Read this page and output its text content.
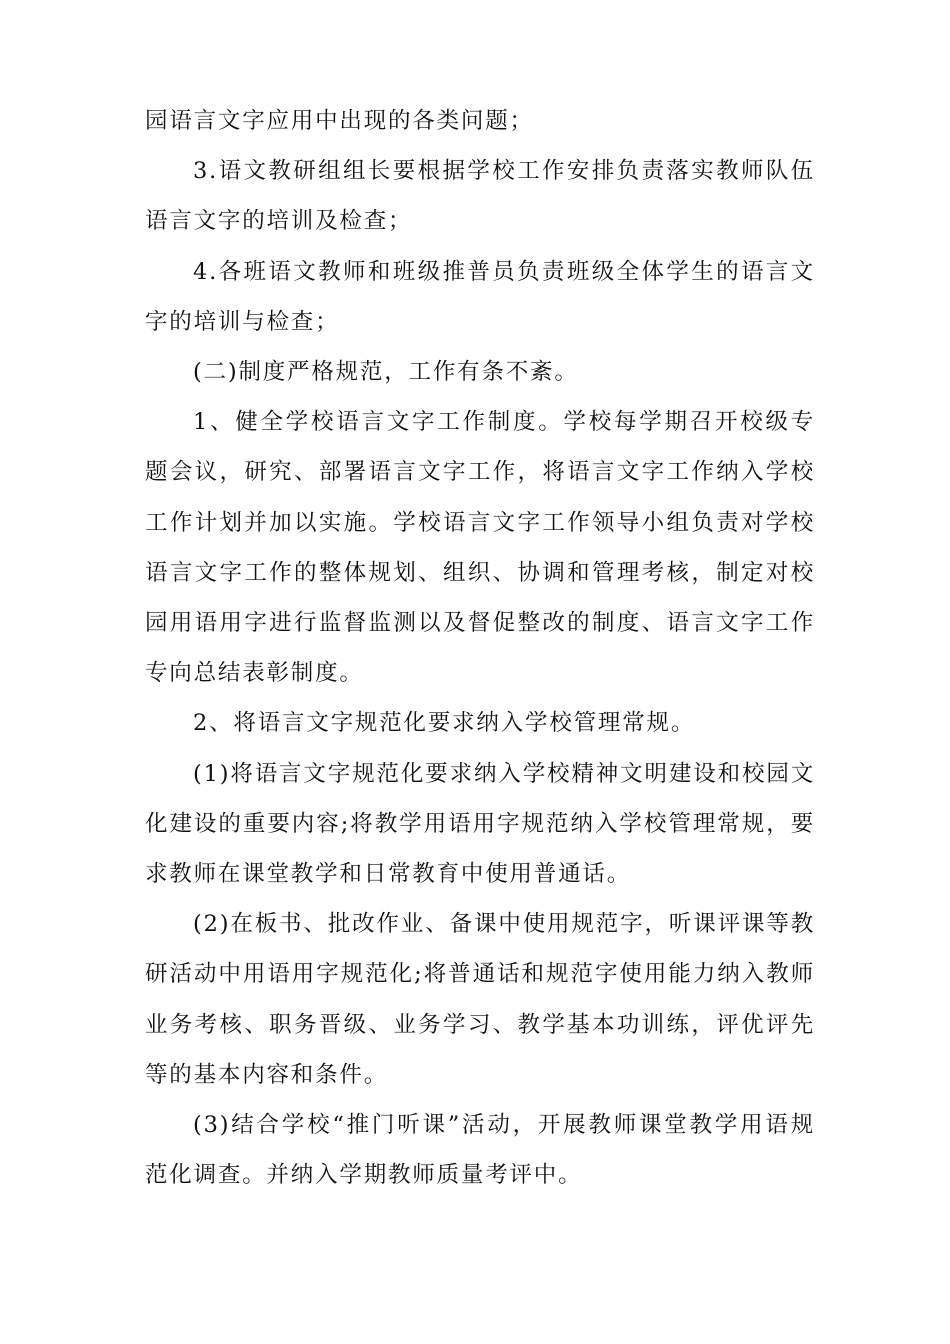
园语言文字应用中出现的各类问题；

3.语文教研组组长要根据学校工作安排负责落实教师队伍语言文字的培训及检查；

4.各班语文教师和班级推普员负责班级全体学生的语言文字的培训与检查；

(二)制度严格规范，工作有条不紊。

1、健全学校语言文字工作制度。学校每学期召开校级专题会议，研究、部署语言文字工作，将语言文字工作纳入学校工作计划并加以实施。学校语言文字工作领导小组负责对学校语言文字工作的整体规划、组织、协调和管理考核，制定对校园用语用字进行监督监测以及督促整改的制度、语言文字工作专向总结表彰制度。

2、将语言文字规范化要求纳入学校管理常规。

(1)将语言文字规范化要求纳入学校精神文明建设和校园文化建设的重要内容;将教学用语用字规范纳入学校管理常规，要求教师在课堂教学和日常教育中使用普通话。

(2)在板书、批改作业、备课中使用规范字，听课评课等教研活动中用语用字规范化;将普通话和规范字使用能力纳入教师业务考核、职务晋级、业务学习、教学基本功训练，评优评先等的基本内容和条件。

(3)结合学校“推门听课”活动，开展教师课堂教学用语规范化调查。并纳入学期教师质量考评中。
